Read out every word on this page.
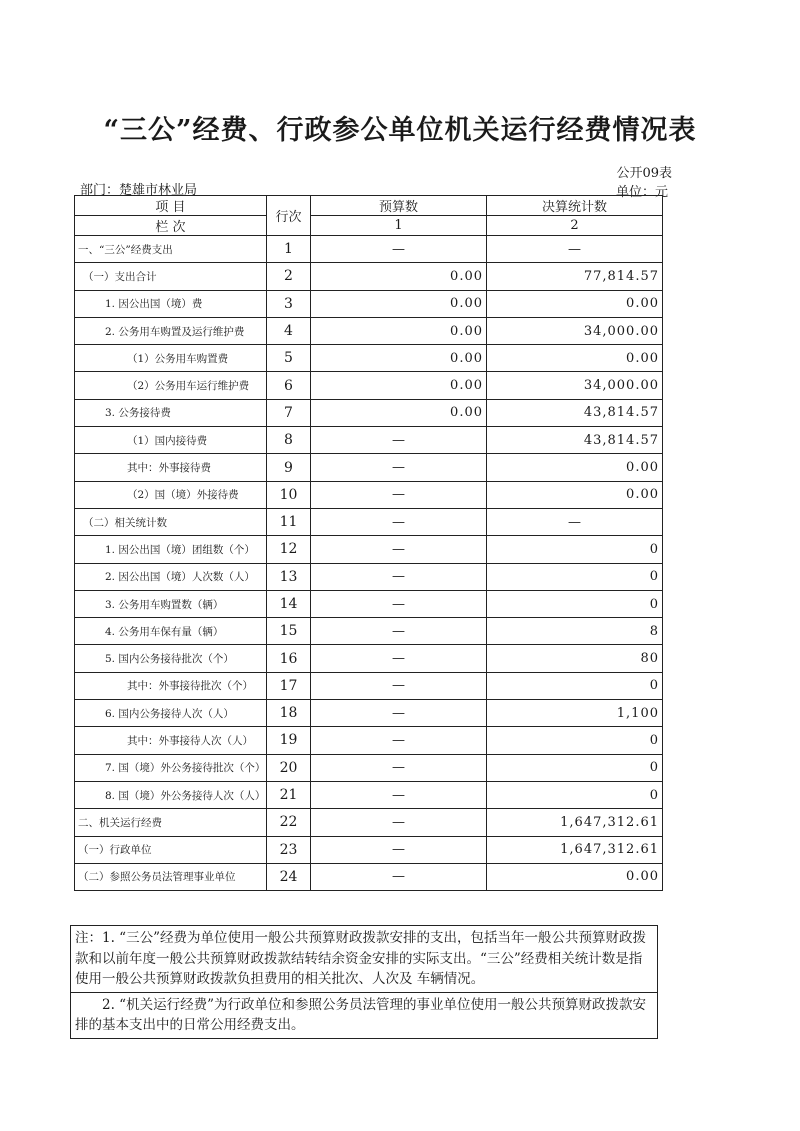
“三公”经费、行政参公单位机关运行经费情况表
公开09表
部门：楚雄市林业局	单位：元
项 目	行次	预算数	决算统计数
栏 次		1	2
一、“三公”经费支出	1	—	—
（一）支出合计	2	0.00	77,814.57
1. 因公出国（境）费	3	0.00	0.00
2. 公务用车购置及运行维护费	4	0.00	34,000.00
（1）公务用车购置费	5	0.00	0.00
（2）公务用车运行维护费	6	0.00	34,000.00
3. 公务接待费	7	0.00	43,814.57
（1）国内接待费	8	—	43,814.57
其中：外事接待费	9	—	0.00
（2）国（境）外接待费	10	—	0.00
（二）相关统计数	11	—	—
1. 因公出国（境）团组数（个）	12	—	0
2. 因公出国（境）人次数（人）	13	—	0
3. 公务用车购置数（辆）	14	—	0
4. 公务用车保有量（辆）	15	—	8
5. 国内公务接待批次（个）	16	—	80
其中：外事接待批次（个）	17	—	0
6. 国内公务接待人次（人）	18	—	1,100
其中：外事接待人次（人）	19	—	0
7. 国（境）外公务接待批次（个）	20	—	0
8. 国（境）外公务接待人次（人）	21	—	0
二、机关运行经费	22	—	1,647,312.61
（一）行政单位	23	—	1,647,312.61
（二）参照公务员法管理事业单位	24	—	0.00
注：1. “三公”经费为单位使用一般公共预算财政拨款安排的支出，包括当年一般公共预算财政拨款和以前年度一般公共预算财政拨款结转结余资金安排的实际支出。“三公”经费相关统计数是指使用一般公共预算财政拨款负担费用的相关批次、人次及 车辆情况。
　　2. “机关运行经费”为行政单位和参照公务员法管理的事业单位使用一般公共预算财政拨款安排的基本支出中的日常公用经费支出。
